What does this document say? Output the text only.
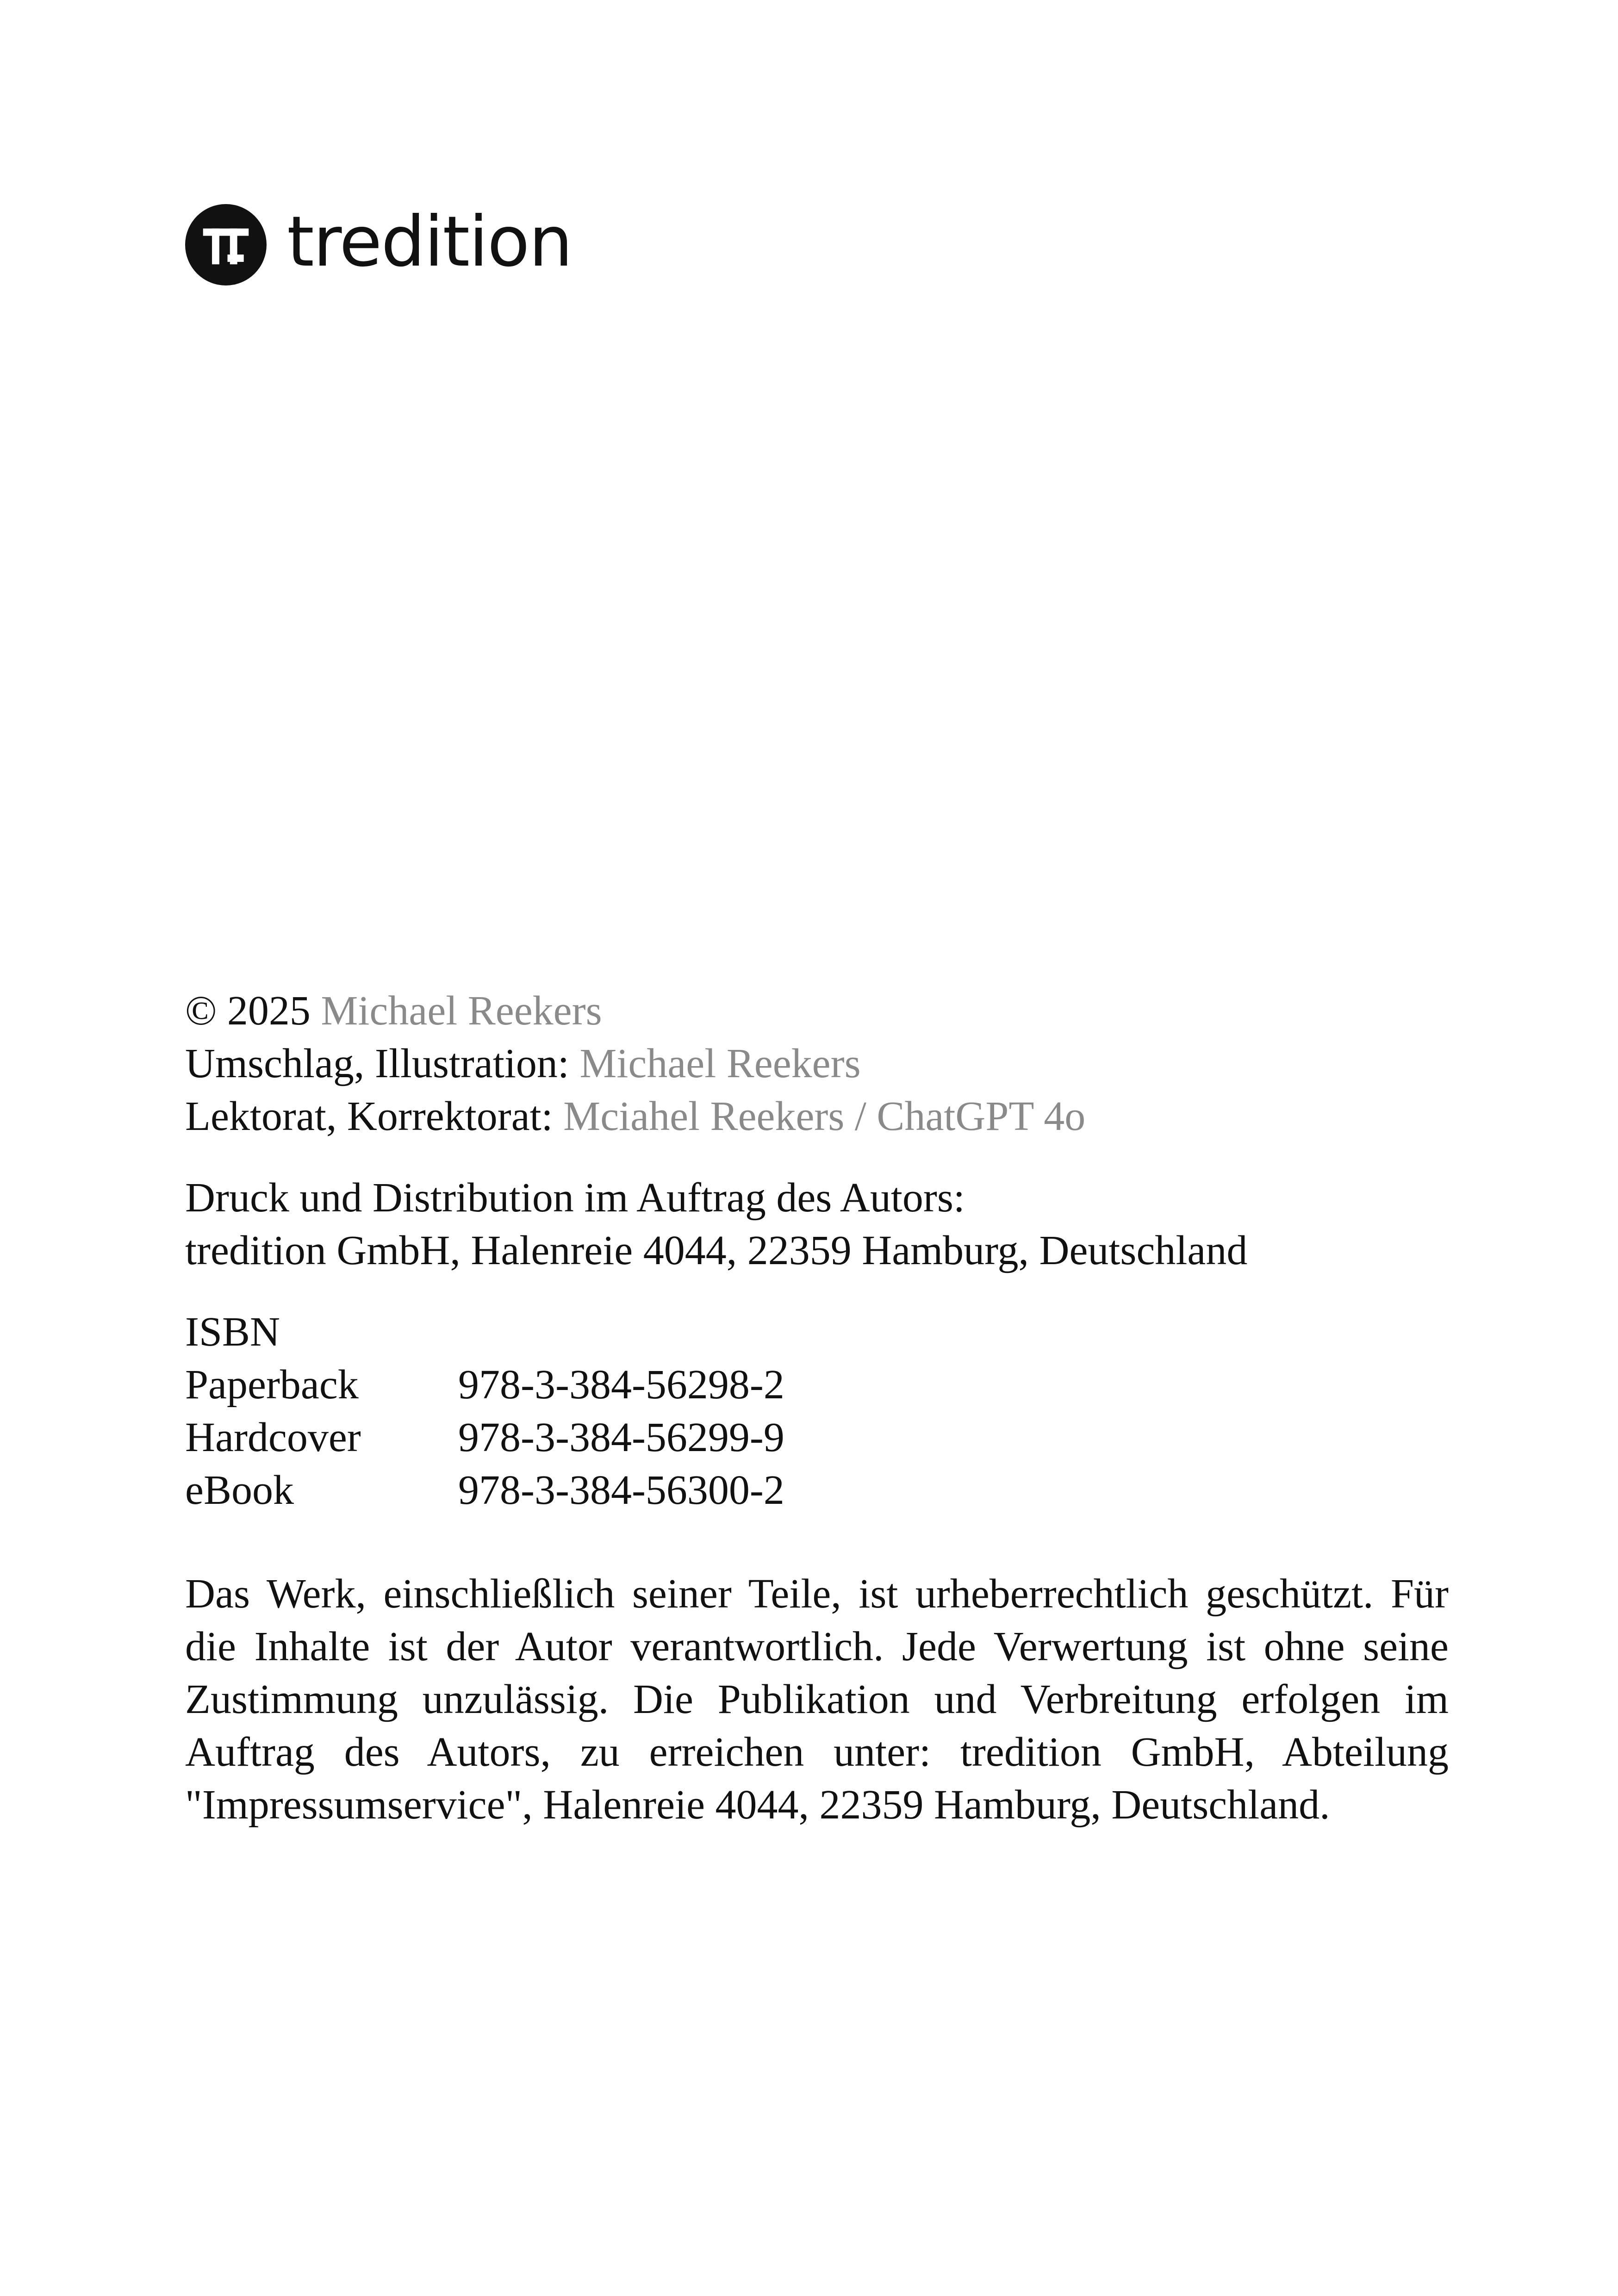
tredition
© 2025 Michael Reekers
Umschlag, Illustration: Michael Reekers
Lektorat, Korrektorat: Mciahel Reekers / ChatGPT 4o
Druck und Distribution im Auftrag des Autors:
tredition GmbH, Halenreie 4044, 22359 Hamburg, Deutschland
ISBN
Paperback	978-3-384-56298-2
Hardcover	978-3-384-56299-9
eBook	978-3-384-56300-2

Das Werk, einschließlich seiner Teile, ist urheberrechtlich geschützt. Für die Inhalte ist der Autor verantwortlich. Jede Verwertung ist ohne seine Zustimmung unzulässig. Die Publikation und Verbreitung erfolgen im Auftrag des Autors, zu erreichen unter: tredition GmbH, Abteilung "Impressumservice", Halenreie 4044, 22359 Hamburg, Deutschland.
